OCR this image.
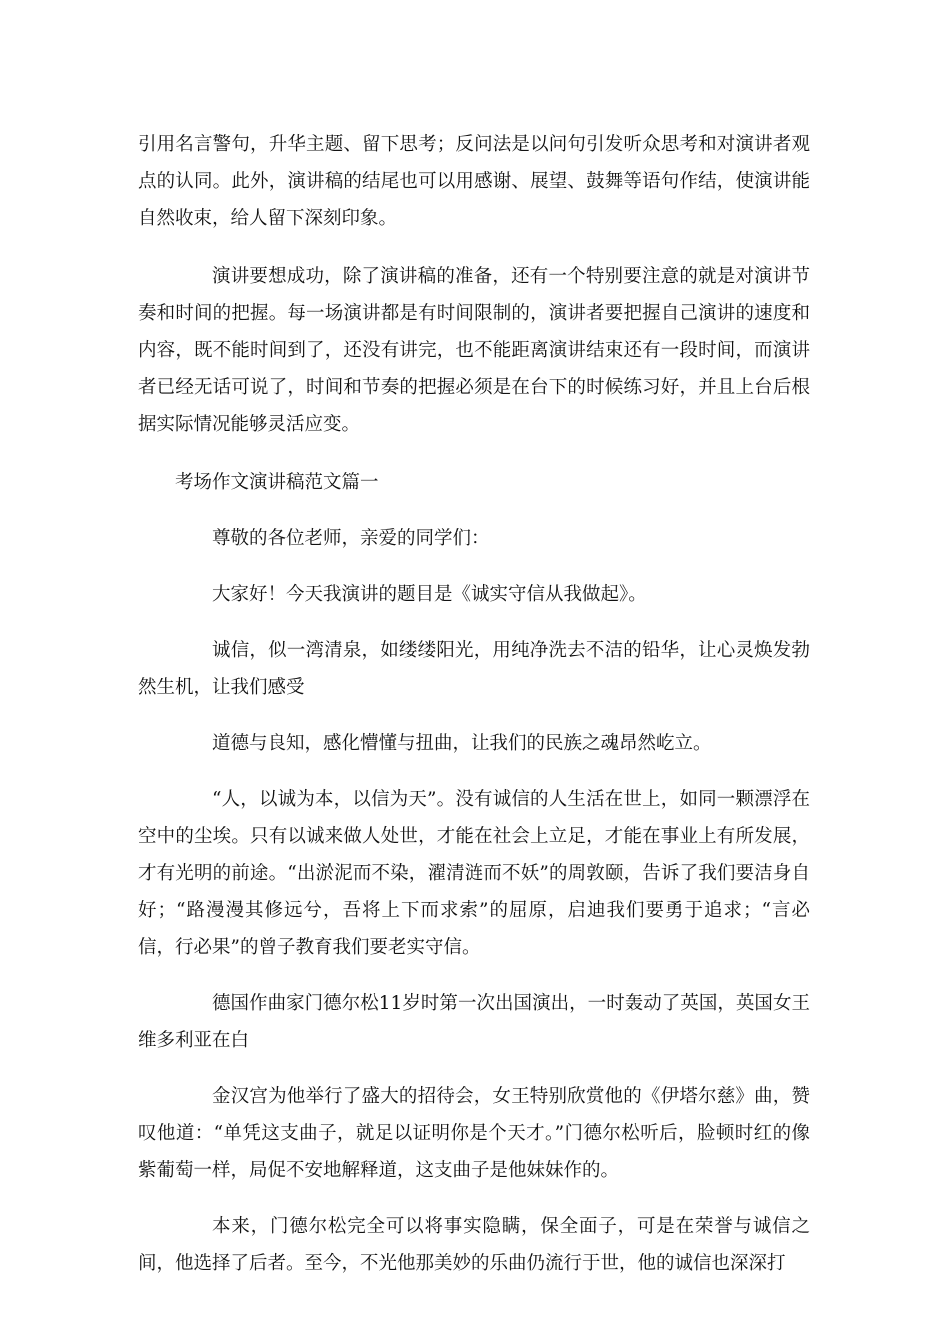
引用名言警句，升华主题、留下思考；反问法是以问句引发听众思考和对演讲者观点的认同。此外，演讲稿的结尾也可以用感谢、展望、鼓舞等语句作结，使演讲能自然收束，给人留下深刻印象。

演讲要想成功，除了演讲稿的准备，还有一个特别要注意的就是对演讲节奏和时间的把握。每一场演讲都是有时间限制的，演讲者要把握自己演讲的速度和内容，既不能时间到了，还没有讲完，也不能距离演讲结束还有一段时间，而演讲者已经无话可说了，时间和节奏的把握必须是在台下的时候练习好，并且上台后根据实际情况能够灵活应变。

考场作文演讲稿范文篇一

尊敬的各位老师，亲爱的同学们：

大家好！今天我演讲的题目是《诚实守信从我做起》。

诚信，似一湾清泉，如缕缕阳光，用纯净洗去不洁的铅华，让心灵焕发勃然生机，让我们感受

道德与良知，感化懵懂与扭曲，让我们的民族之魂昂然屹立。

“人，以诚为本，以信为天”。没有诚信的人生活在世上，如同一颗漂浮在空中的尘埃。只有以诚来做人处世，才能在社会上立足，才能在事业上有所发展，才有光明的前途。“出淤泥而不染，濯清涟而不妖”的周敦颐，告诉了我们要洁身自好；“路漫漫其修远兮，吾将上下而求索”的屈原，启迪我们要勇于追求；“言必信，行必果”的曾子教育我们要老实守信。

德国作曲家门德尔松11岁时第一次出国演出，一时轰动了英国，英国女王维多利亚在白

金汉宫为他举行了盛大的招待会，女王特别欣赏他的《伊塔尔慈》曲，赞叹他道：“单凭这支曲子，就足以证明你是个天才。”门德尔松听后，脸顿时红的像紫葡萄一样，局促不安地解释道，这支曲子是他妹妹作的。

本来，门德尔松完全可以将事实隐瞒，保全面子，可是在荣誉与诚信之间，他选择了后者。至今，不光他那美妙的乐曲仍流行于世，他的诚信也深深打
